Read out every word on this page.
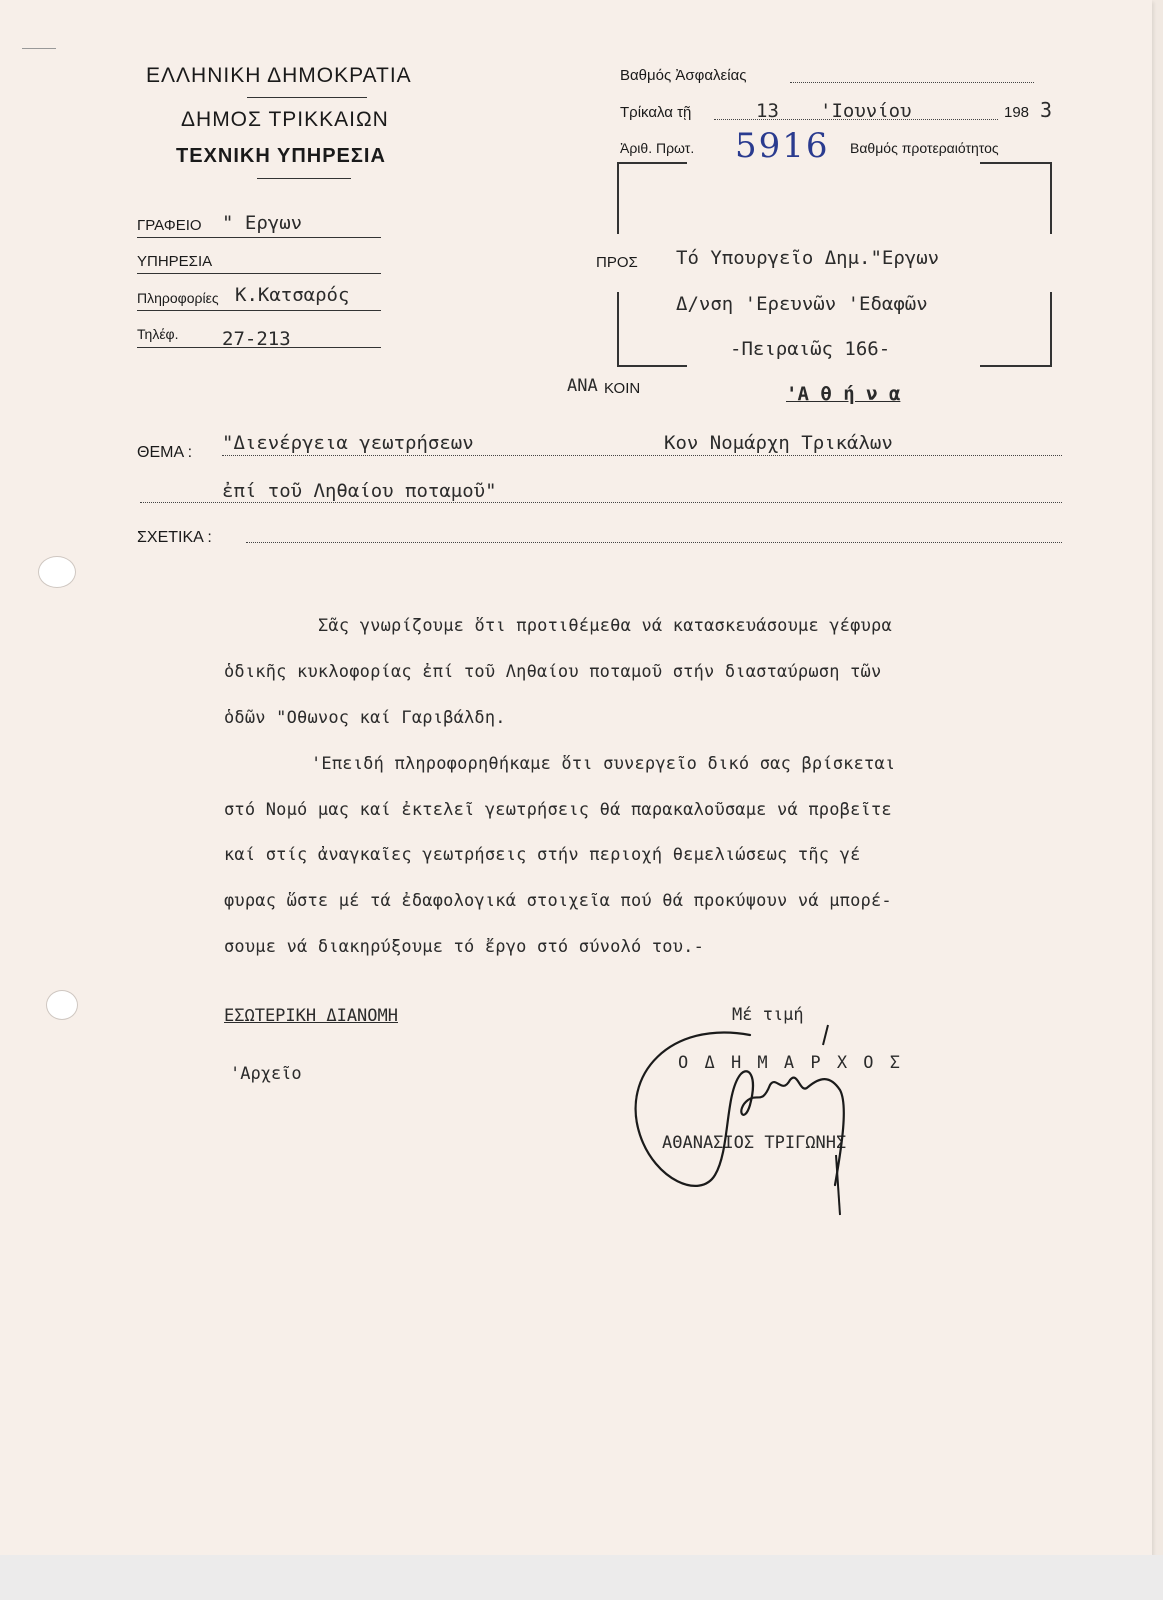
ΕΛΛΗΝΙΚΗ ΔΗΜΟΚΡΑΤΙΑ
ΔΗΜΟΣ ΤΡΙΚΚΑΙΩΝ
ΤΕΧΝΙΚΗ ΥΠΗΡΕΣΙΑ
ΓΡΑΦΕΙΟ " Εργων
ΥΠΗΡΕΣΙΑ
Πληροφορίες Κ.Κατσαρός
Τηλέφ. 27-213
Βαθμός Ἀσφαλείας
Τρίκαλα τῇ	13 'Ιουνίου	198 3
Ἀριθ. Πρωτ. 5916 Βαθμός προτεραιότητος
ΠΡΟΣ Τό Υπουργεῖο Δημ."Εργων
Δ/νση 'Ερευνῶν 'Εδαφῶν
-Πειραιῶς 166-
'Α θ ή ν α
ΑΝΑ ΚΟΙΝ
ΘΕΜΑ : "Διενέργεια γεωτρήσεων	Κον Νομάρχη Τρικάλων
ἐπί τοῦ Ληθαίου ποταμοῦ"
ΣΧΕΤΙΚΑ :
Σᾶς γνωρίζουμε ὅτι προτιθέμεθα νά κατασκευάσουμε γέφυρα
ὁδικῆς κυκλοφορίας ἐπί τοῦ Ληθαίου ποταμοῦ στήν διασταύρωση τῶν
ὁδῶν "Οθωνος καί Γαριβάλδη.
'Επειδή πληροφορηθήκαμε ὅτι συνεργεῖο δικό σας βρίσκεται
στό Νομό μας καί ἐκτελεῖ γεωτρήσεις θά παρακαλοῦσαμε νά προβεῖτε
καί στίς ἀναγκαῖες γεωτρήσεις στήν περιοχή θεμελιώσεως τῆς γέ
φυρας ὥστε μέ τά ἐδαφολογικά στοιχεῖα πού θά προκύψουν νά μπορέ-
σουμε νά διακηρύξουμε τό ἔργο στό σύνολό του.-
ΕΣΩΤΕΡΙΚΗ ΔΙΑΝΟΜΗ
'Αρχεῖο
Μέ τιμή
Ο Δ Η Μ Α Ρ Χ Ο Σ
ΑΘΑΝΑΣΙΟΣ ΤΡΙΓΩΝΗΣ
